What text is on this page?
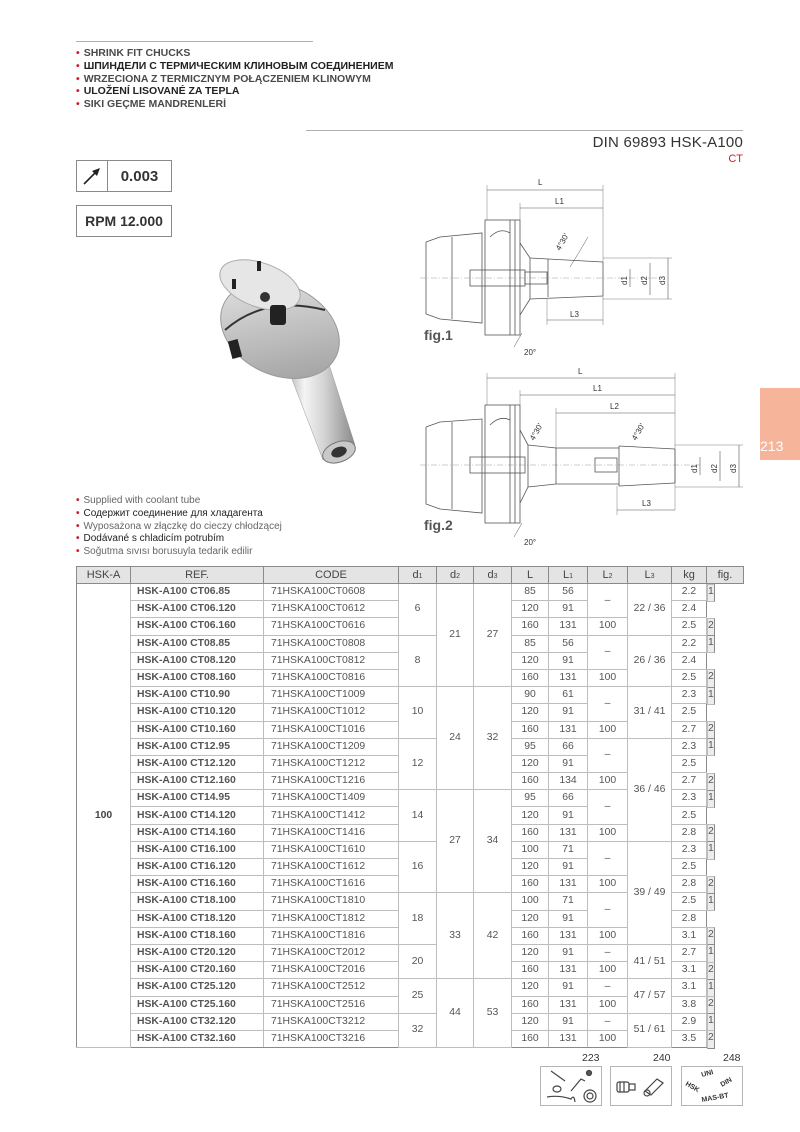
• SHRINK FIT CHUCKS
• ШПИНДЕЛИ С ТЕРМИЧЕСКИМ КЛИНОВЫМ СОЕДИНЕНИЕМ
• WRZECIONA Z TERMICZNYM POŁĄCZENIEM KLINOWYM
• ULOŽENÍ LISOVANÉ ZA TEPLA
• SIKI GEÇME MANDRENLERİ
DIN 69893 HSK-A100
CT
0.003
RPM 12.000
L
L1
L3
d1 d2 d3
4°30'
20°
fig.1
L
L1
L2
L3
d1 d2 d3
4°30'	4°30'
20°
fig.2
213
• Supplied with coolant tube
• Содержит соединение для хладагента
• Wyposażona w złączkę do cieczy chłodzącej
• Dodávané s chladicím potrubím
• Soğutma sıvısı borusuyla tedarik edilir
HSK-A	REF.	CODE	d1	d2	d3	L	L1	L2	L3	kg	fig.
100	HSK-A100 CT06.85	71HSKA100CT0608	6	21	27	85	56	–	22 / 36	2.2	1

	HSK-A100 CT06.120	71HSKA100CT0612				120	91			2.4	
	HSK-A100 CT06.160	71HSKA100CT0616				160	131	100		2.5	2

	HSK-A100 CT08.85	71HSKA100CT0808	8			85	56	–	26 / 36	2.2	1

	HSK-A100 CT08.120	71HSKA100CT0812				120	91			2.4	
	HSK-A100 CT08.160	71HSKA100CT0816				160	131	100		2.5	2

	HSK-A100 CT10.90	71HSKA100CT1009	10	24	32	90	61	–	31 / 41	2.3	1

	HSK-A100 CT10.120	71HSKA100CT1012				120	91			2.5	
	HSK-A100 CT10.160	71HSKA100CT1016				160	131	100		2.7	2

	HSK-A100 CT12.95	71HSKA100CT1209	12			95	66	–	36 / 46	2.3	1

	HSK-A100 CT12.120	71HSKA100CT1212				120	91			2.5	
	HSK-A100 CT12.160	71HSKA100CT1216				160	134	100		2.7	2

	HSK-A100 CT14.95	71HSKA100CT1409	14	27	34	95	66	–		2.3	1

	HSK-A100 CT14.120	71HSKA100CT1412				120	91			2.5	
	HSK-A100 CT14.160	71HSKA100CT1416				160	131	100		2.8	2

	HSK-A100 CT16.100	71HSKA100CT1610	16			100	71	–	39 / 49	2.3	1

	HSK-A100 CT16.120	71HSKA100CT1612				120	91			2.5	
	HSK-A100 CT16.160	71HSKA100CT1616				160	131	100		2.8	2

	HSK-A100 CT18.100	71HSKA100CT1810	18	33	42	100	71	–		2.5	1

	HSK-A100 CT18.120	71HSKA100CT1812				120	91			2.8	
	HSK-A100 CT18.160	71HSKA100CT1816				160	131	100		3.1	2

	HSK-A100 CT20.120	71HSKA100CT2012	20			120	91	–	41 / 51	2.7	1

	HSK-A100 CT20.160	71HSKA100CT2016				160	131	100		3.1	2

	HSK-A100 CT25.120	71HSKA100CT2512	25	44	53	120	91	–	47 / 57	3.1	1

	HSK-A100 CT25.160	71HSKA100CT2516				160	131	100		3.8	2

	HSK-A100 CT32.120	71HSKA100CT3212	32			120	91	–	51 / 61	2.9	1

	HSK-A100 CT32.160	71HSKA100CT3216				160	131	100		3.5	2
223	240	248
UNI
HSK	DIN
MAS-BT
